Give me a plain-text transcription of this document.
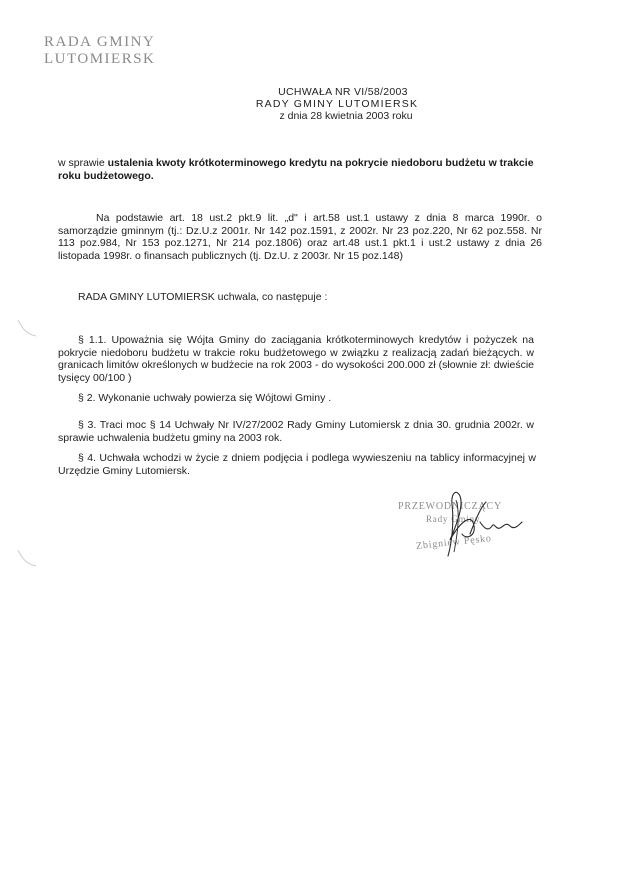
RADA GMINY
LUTOMIERSK
UCHWAŁA NR VI/58/2003
RADY GMINY LUTOMIERSK
z dnia 28 kwietnia 2003 roku
w sprawie ustalenia kwoty krótkoterminowego kredytu na pokrycie niedoboru budżetu w trakcie roku budżetowego.
Na podstawie art. 18 ust.2 pkt.9 lit. „d" i art.58 ust.1 ustawy z dnia 8 marca 1990r. o samorządzie gminnym (tj.: Dz.U.z 2001r. Nr 142 poz.1591, z 2002r. Nr 23 poz.220, Nr 62 poz.558. Nr 113 poz.984, Nr 153 poz.1271, Nr 214 poz.1806) oraz art.48 ust.1 pkt.1 i ust.2 ustawy z dnia 26 listopada 1998r. o finansach publicznych (tj. Dz.U. z 2003r. Nr 15 poz.148)
RADA GMINY LUTOMIERSK uchwala, co następuje :
§ 1.1. Upoważnia się Wójta Gminy do zaciągania krótkoterminowych kredytów i pożyczek na pokrycie niedoboru budżetu w trakcie roku budżetowego w związku z realizacją zadań bieżących. w granicach limitów określonych w budżecie na rok 2003 - do wysokości 200.000 zł (słownie zł: dwieście tysięcy 00/100 )
§ 2. Wykonanie uchwały powierza się Wójtowi Gminy .
§ 3. Traci moc § 14 Uchwały Nr IV/27/2002 Rady Gminy Lutomiersk z dnia 30. grudnia 2002r. w sprawie uchwalenia budżetu gminy na 2003 rok.
§ 4. Uchwała wchodzi w życie z dniem podjęcia i podlega wywieszeniu na tablicy informacyjnej w Urzędzie Gminy Lutomiersk.
PRZEWODNICZĄCY
Rady Gminy
Zbigniew Pęsko
